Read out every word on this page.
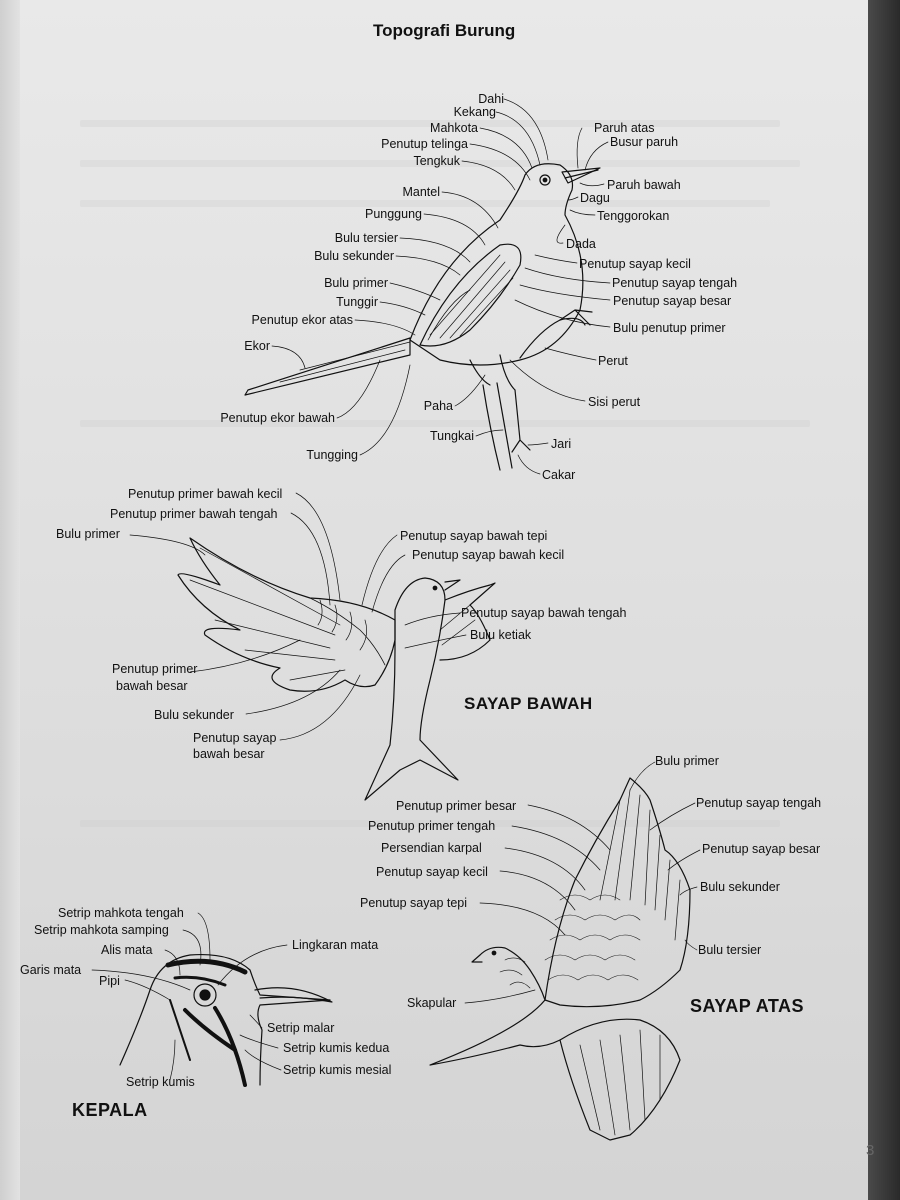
Topografi Burung
Dahi
Kekang
Mahkota
Penutup telinga
Tengkuk
Mantel
Punggung
Bulu tersier
Bulu sekunder
Bulu primer
Tunggir
Penutup ekor atas
Ekor
Penutup ekor bawah
Paha
Tungkai
Tungging
Paruh atas
Busur paruh
Paruh bawah
Dagu
Tenggorokan
Dada
Penutup sayap kecil
Penutup sayap tengah
Penutup sayap besar
Bulu penutup primer
Perut
Sisi perut
Jari
Cakar
Penutup primer bawah kecil
Penutup primer bawah tengah
Bulu primer	Penutup sayap bawah tepi
Penutup sayap bawah kecil
Penutup sayap bawah tengah
Bulu ketiak
Penutup primer
bawah besar
Bulu sekunder
Penutup sayap
bawah besar
SAYAP BAWAH
Bulu primer
Penutup primer besar
Penutup primer tengah
Persendian karpal
Penutup sayap kecil
Penutup sayap tepi
Skapular
Penutup sayap tengah
Penutup sayap besar
Bulu sekunder
Bulu tersier
SAYAP ATAS
Setrip mahkota tengah
Setrip mahkota samping
Alis mata
Garis mata
Pipi
Lingkaran mata
Setrip malar
Setrip kumis kedua
Setrip kumis mesial
Setrip kumis
KEPALA
3
